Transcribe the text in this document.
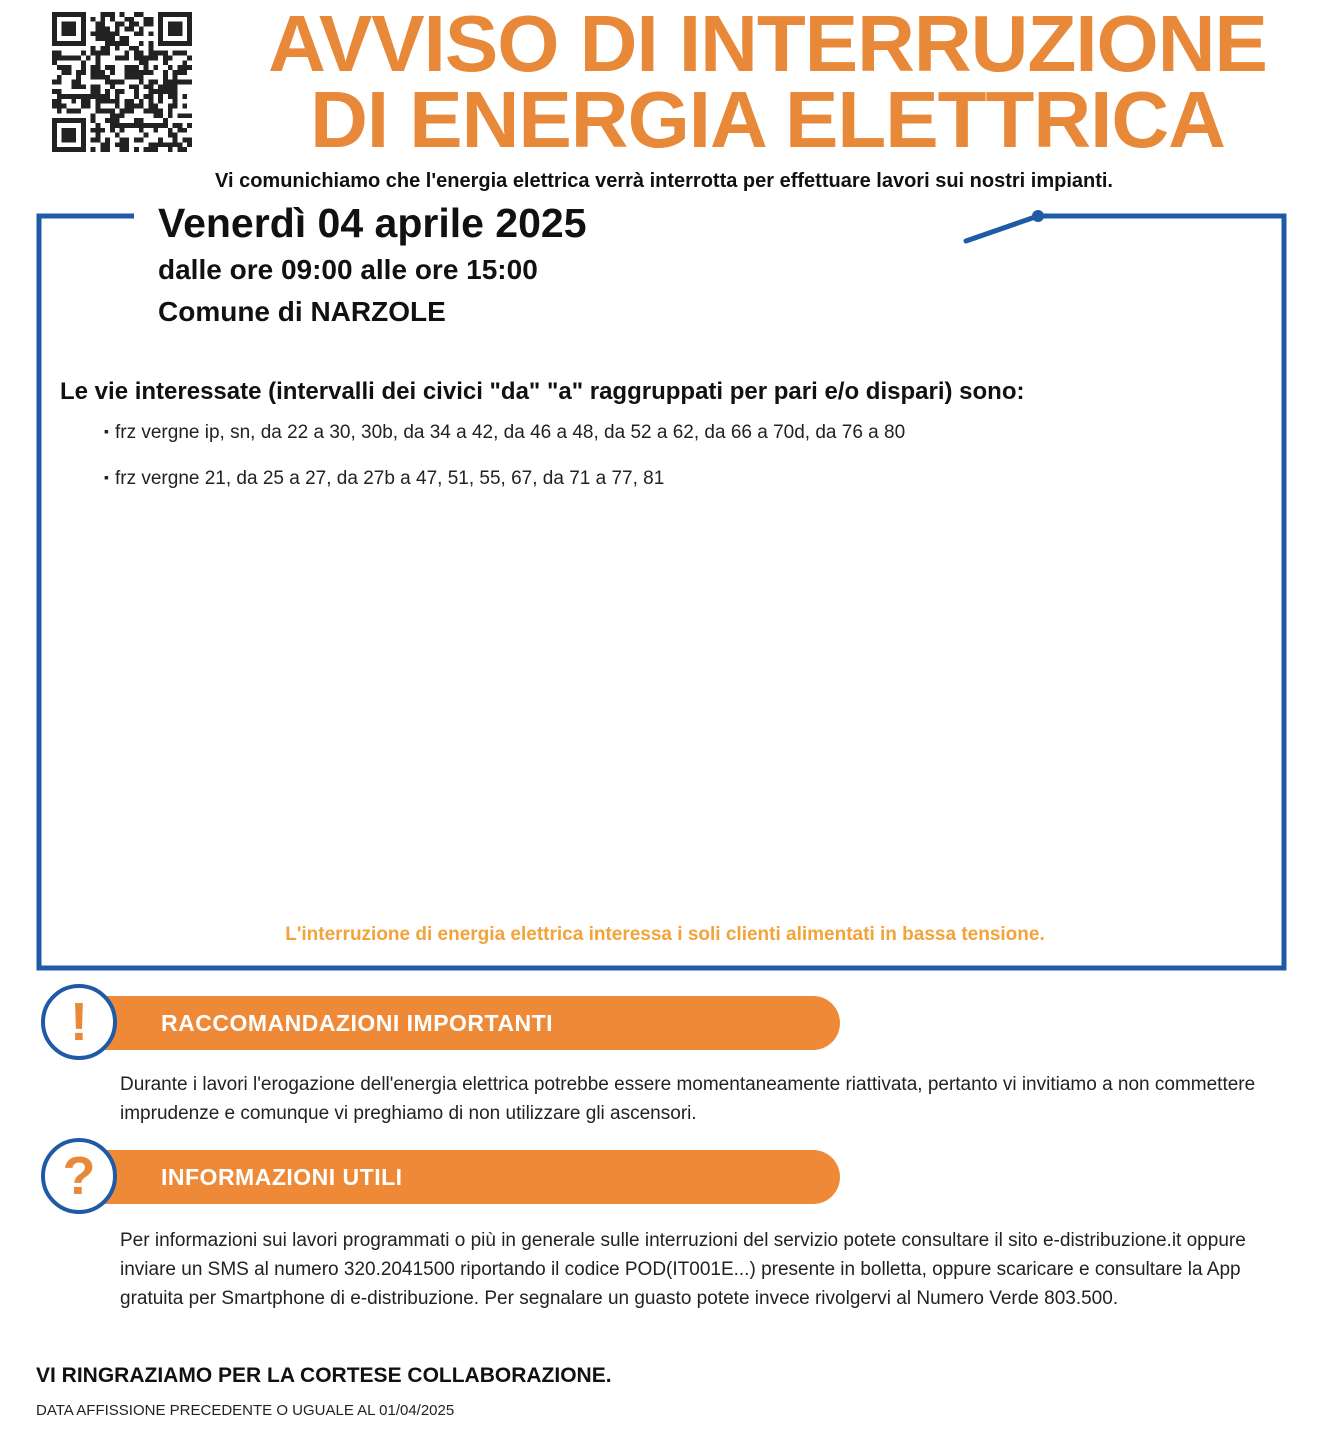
AVVISO DI INTERRUZIONE
DI ENERGIA ELETTRICA
Vi comunichiamo che l'energia elettrica verrà interrotta per effettuare lavori sui nostri impianti.
Venerdì 04 aprile 2025
dalle ore 09:00 alle ore 15:00
Comune di NARZOLE
Le vie interessate (intervalli dei civici "da" "a" raggruppati per pari e/o dispari) sono:
▪ frz vergne ip, sn, da 22 a 30, 30b, da 34 a 42, da 46 a 48, da 52 a 62, da 66 a 70d, da 76 a 80
▪ frz vergne 21, da 25 a 27, da 27b a 47, 51, 55, 67, da 71 a 77, 81
L'interruzione di energia elettrica interessa i soli clienti alimentati in bassa tensione.
!	RACCOMANDAZIONI IMPORTANTI
Durante i lavori l'erogazione dell'energia elettrica potrebbe essere momentaneamente riattivata, pertanto vi invitiamo a non commettere imprudenze e comunque vi preghiamo di non utilizzare gli ascensori.
?	INFORMAZIONI UTILI
Per informazioni sui lavori programmati o più in generale sulle interruzioni del servizio potete consultare il sito e-distribuzione.it oppure inviare un SMS al numero 320.2041500 riportando il codice POD(IT001E...) presente in bolletta, oppure scaricare e consultare la App gratuita per Smartphone di e-distribuzione. Per segnalare un guasto potete invece rivolgervi al Numero Verde 803.500.
VI RINGRAZIAMO PER LA CORTESE COLLABORAZIONE.
DATA AFFISSIONE PRECEDENTE O UGUALE AL 01/04/2025
